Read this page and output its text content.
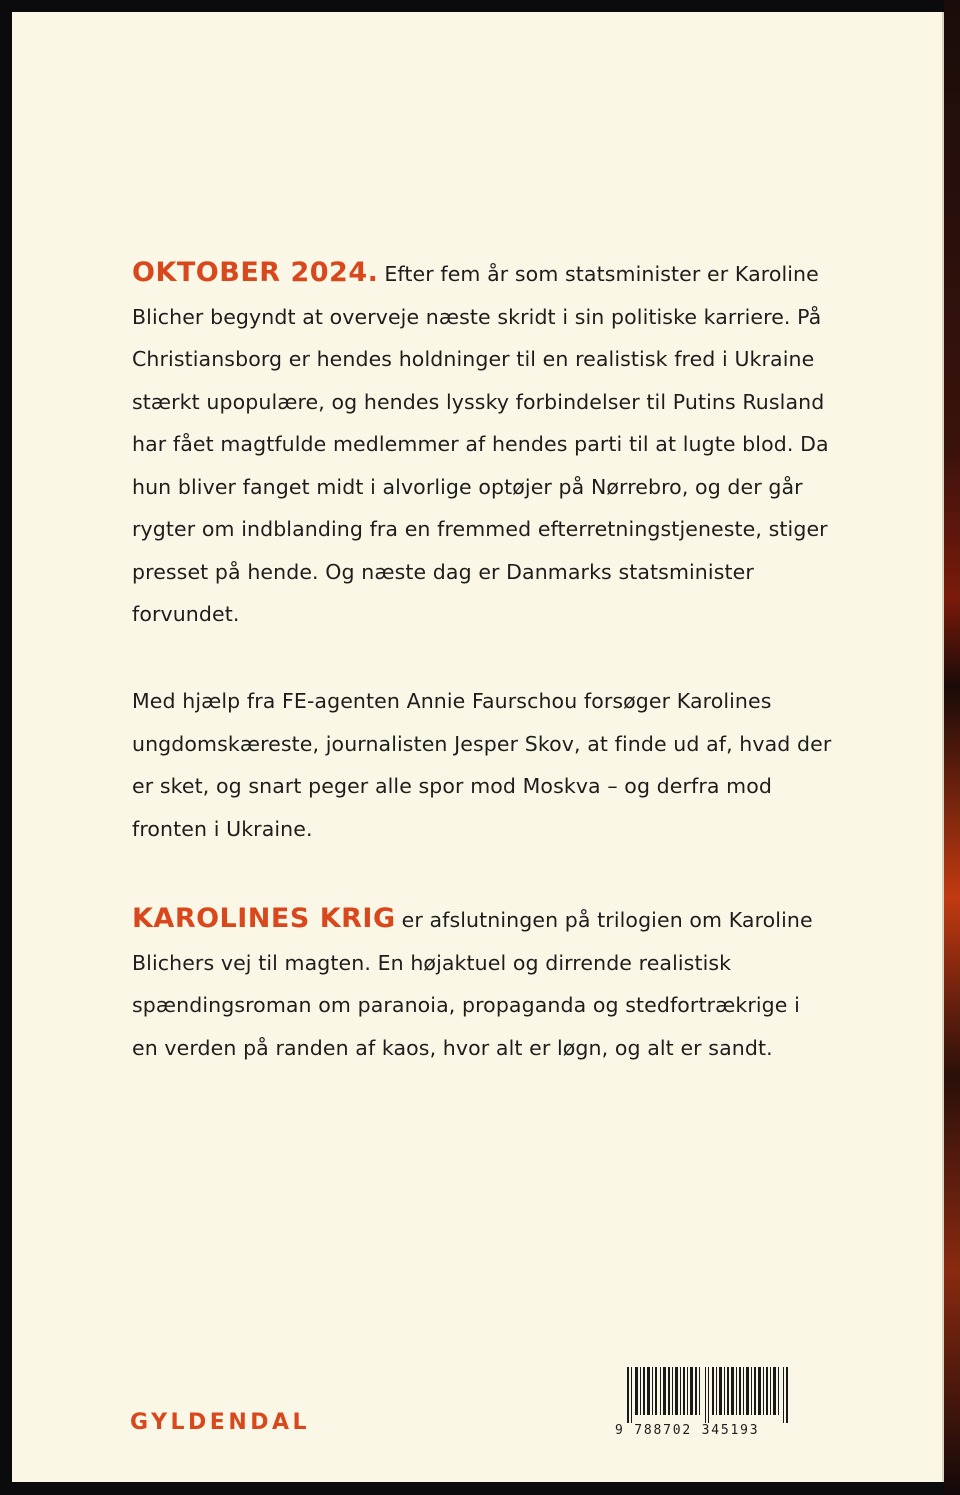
OKTOBER 2024. Efter fem år som statsminister er Karoline Blicher begyndt at overveje næste skridt i sin politiske karriere. På Christiansborg er hendes holdninger til en realistisk fred i Ukraine stærkt upopulære, og hendes lyssky forbindelser til Putins Rusland har fået magtfulde medlemmer af hendes parti til at lugte blod. Da hun bliver fanget midt i alvorlige optøjer på Nørrebro, og der går rygter om indblanding fra en fremmed efterretningstjeneste, stiger presset på hende. Og næste dag er Danmarks statsminister forvundet.
Med hjælp fra FE-agenten Annie Faurschou forsøger Karolines ungdomskæreste, journalisten Jesper Skov, at finde ud af, hvad der er sket, og snart peger alle spor mod Moskva – og derfra mod fronten i Ukraine.
KAROLINES KRIG er afslutningen på trilogien om Karoline Blichers vej til magten. En højaktuel og dirrende realistisk spændingsroman om paranoia, propaganda og stedfortrækrige i en verden på randen af kaos, hvor alt er løgn, og alt er sandt.
GYLDENDAL	9 788702 345193
